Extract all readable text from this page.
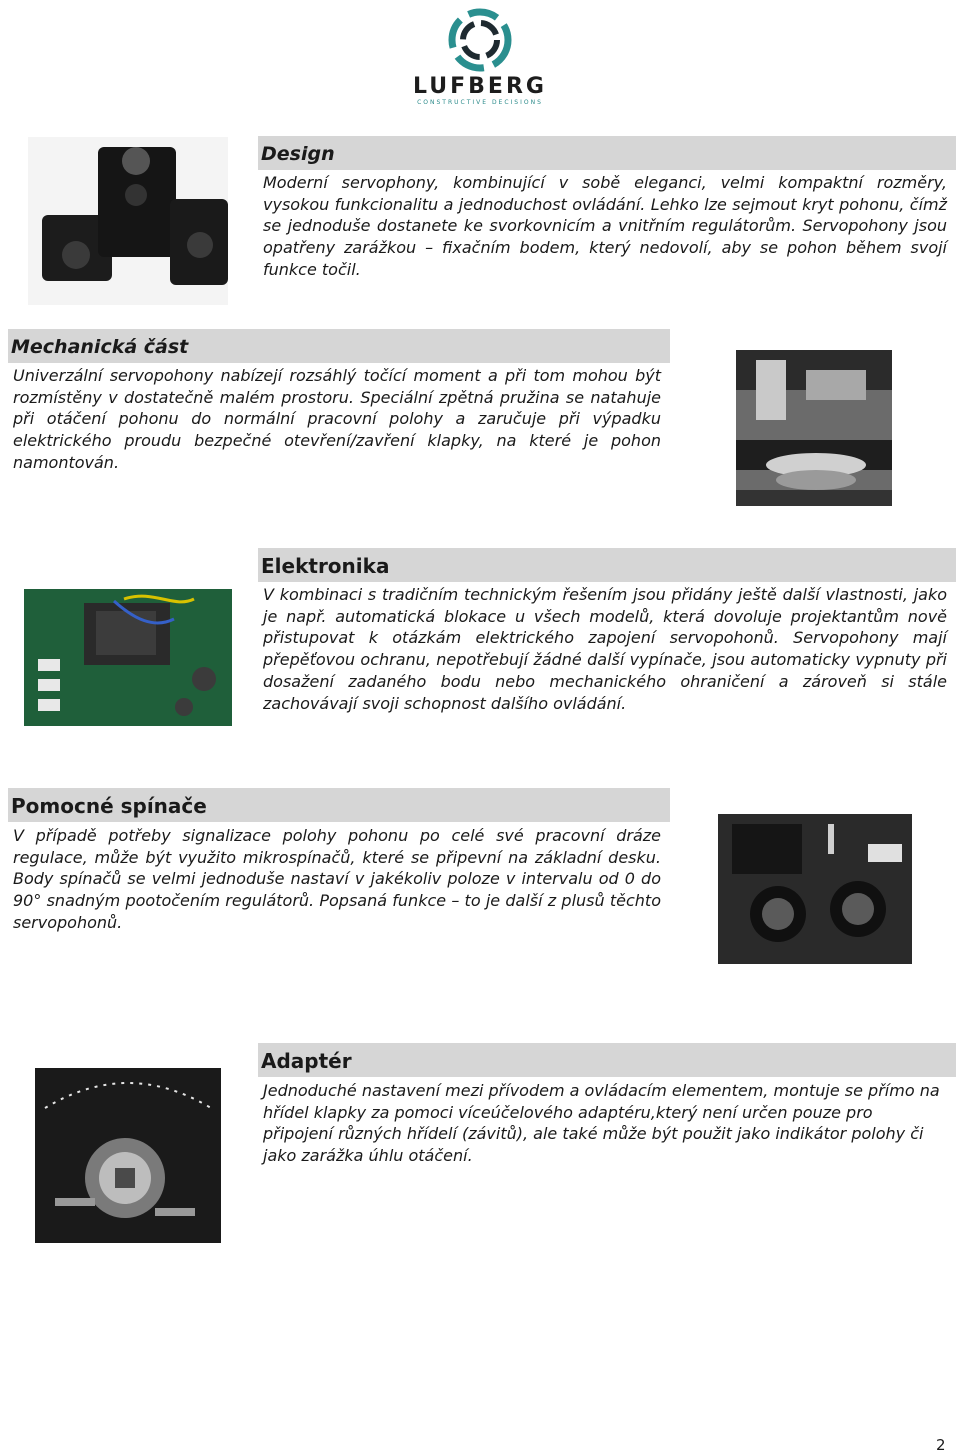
LUFBERG
CONSTRUCTIVE DECISIONS
Design
Moderní servophony, kombinující v sobě eleganci, velmi kompaktní rozměry, vysokou funkcionalitu a jednoduchost ovládání. Lehko lze sejmout kryt pohonu, čímž se jednoduše dostanete ke svorkovnicím a vnitřním regulátorům. Servopohony jsou opatřeny zarážkou – fixačním bodem, který nedovolí, aby se pohon během svojí funkce točil.
Mechanická část
Univerzální servopohony nabízejí rozsáhlý točící moment a při tom mohou být rozmístěny v dostatečně malém prostoru. Speciální zpětná pružina se natahuje při otáčení pohonu do normální pracovní polohy a zaručuje při výpadku elektrického proudu bezpečné otevření/zavření klapky, na které je pohon namontován.
Elektronika
V kombinaci s tradičním technickým řešením jsou přidány ještě další vlastnosti, jako je např. automatická blokace u všech modelů, která dovoluje projektantům nově přistupovat k otázkám elektrického zapojení servopohonů. Servopohony mají přepěťovou ochranu, nepotřebují žádné další vypínače, jsou automaticky vypnuty při dosažení zadaného bodu nebo mechanického ohraničení a zároveň si stále zachovávají svoji schopnost dalšího ovládání.
Pomocné spínače
V případě potřeby signalizace polohy pohonu po celé své pracovní dráze regulace, může být využito mikrospínačů, které se připevní na základní desku. Body spínačů se velmi jednoduše nastaví v jakékoliv poloze v intervalu od 0 do 90° snadným pootočením regulátorů. Popsaná funkce – to je další z plusů těchto servopohonů.
Adaptér
Jednoduché nastavení mezi přívodem a ovládacím elementem, montuje se přímo na hřídel klapky za pomoci víceúčelového adaptéru,který není určen pouze pro připojení různých hřídelí (závitů), ale také může být použit jako indikátor polohy či jako zarážka úhlu otáčení.
2
